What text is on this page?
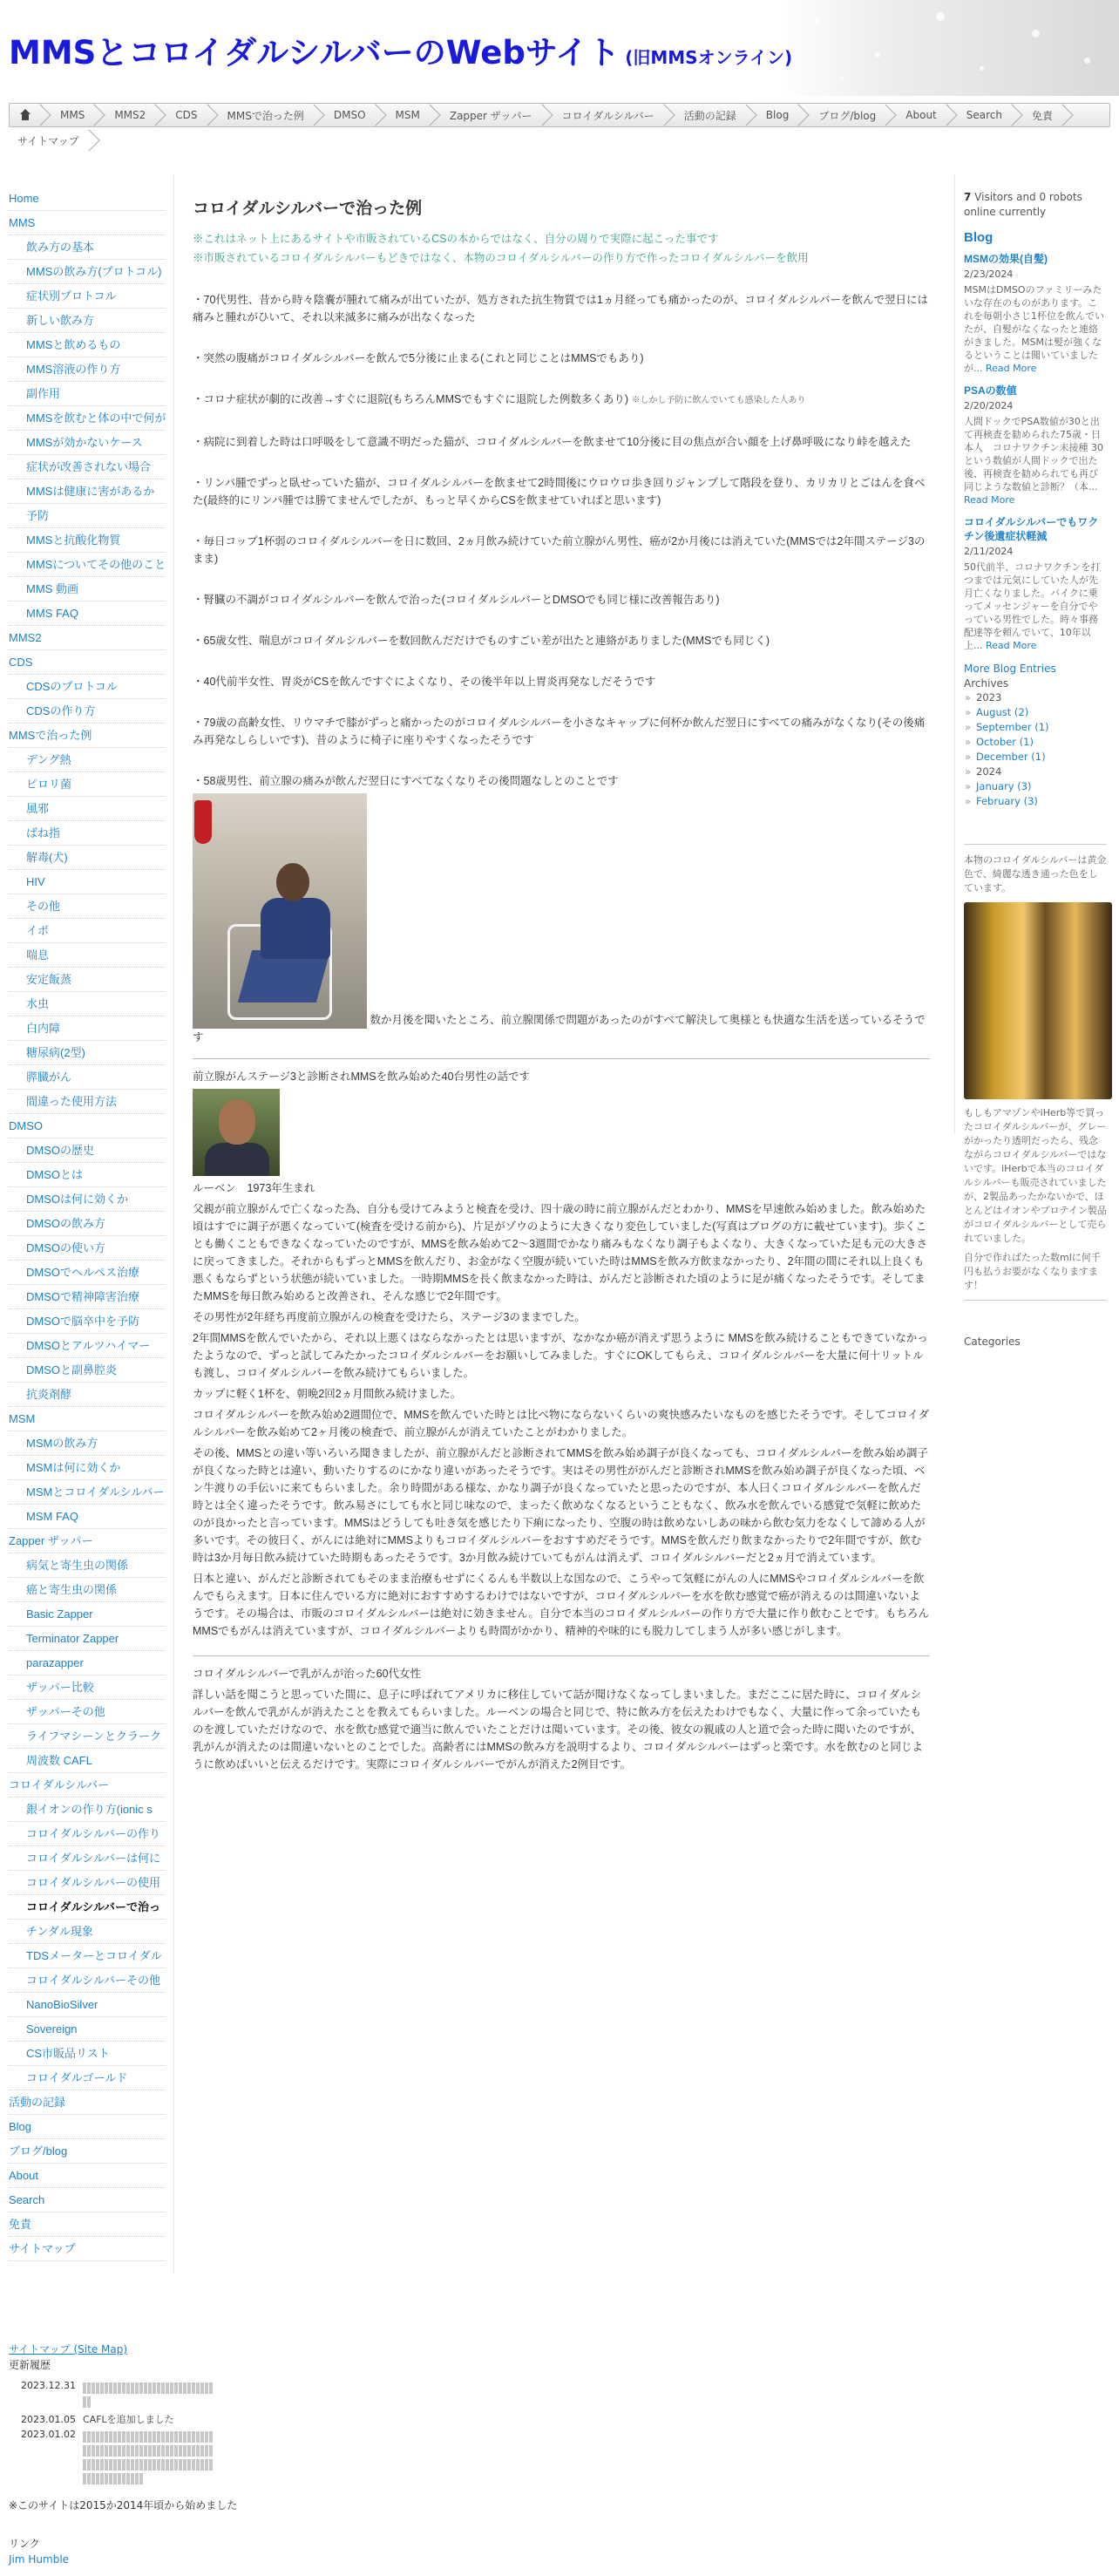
MMSとコロイダルシルバーのWebサイト (旧MMSオンライン)
MMS	MMS2	CDS	MMSで治った例	DMSO	MSM	Zapper ザッパー	コロイダルシルバー	活動の記録	Blog	ブログ/blog	About	Search	免責
サイトマップ
Home
MMS
飲み方の基本
MMSの飲み方(プロトコル)
症状別プロトコル
新しい飲み方
MMSと飲めるもの
MMS溶液の作り方
副作用
MMSを飲むと体の中で何が
MMSが効かないケース
症状が改善されない場合
MMSは健康に害があるか
予防
MMSと抗酸化物質
MMSについてその他のこと
MMS 動画
MMS FAQ
MMS2
CDS
CDSのプロトコル
CDSの作り方
MMSで治った例
デング熱
ピロリ菌
風邪
ばね指
解毒(犬)
HIV
その他
イボ
喘息
安定飯蒸
水虫
白内障
糖尿病(2型)
膵臓がん
間違った使用方法
DMSO
DMSOの歴史
DMSOとは
DMSOは何に効くか
DMSOの飲み方
DMSOの使い方
DMSOでヘルペス治療
DMSOで精神障害治療
DMSOで脳卒中を予防
DMSOとアルツハイマー
DMSOと副鼻腔炎
抗炎剤酵
MSM
MSMの飲み方
MSMは何に効くか
MSMとコロイダルシルバー
MSM FAQ
Zapper ザッパー
病気と寄生虫の関係
癌と寄生虫の関係
Basic Zapper
Terminator Zapper
parazapper
ザッパー比較
ザッパーその他
ライフマシーンとクラーク
周波数 CAFL
コロイダルシルバー
銀イオンの作り方(ionic s
コロイダルシルバーの作り
コロイダルシルバーは何に
コロイダルシルバーの使用
コロイダルシルバーで治っ
チンダル現象
TDSメーターとコロイダル
コロイダルシルバーその他
NanoBioSilver
Sovereign
CS市販品リスト
コロイダルゴールド
活動の記録
Blog
ブログ/blog
About
Search
免責
サイトマップ
コロイダルシルバーで治った例
※これはネット上にあるサイトや市販されているCSの本からではなく、自分の周りで実際に起こった事です
※市販されているコロイダルシルバーもどきではなく、本物のコロイダルシルバーの作り方で作ったコロイダルシルバーを飲用
・70代男性、昔から時々陰嚢が腫れて痛みが出ていたが、処方された抗生物質では1ヵ月経っても痛かったのが、コロイダルシルバーを飲んで翌日には痛みと腫れがひいて、それ以来滅多に痛みが出なくなった
・突然の腹痛がコロイダルシルバーを飲んで5分後に止まる(これと同じことはMMSでもあり)
・コロナ症状が劇的に改善→すぐに退院(もちろんMMSでもすぐに退院した例数多くあり) ※しかし予防に飲んでいても感染した人あり
・病院に到着した時は口呼吸をして意識不明だった猫が、コロイダルシルバーを飲ませて10分後に目の焦点が合い顔を上げ鼻呼吸になり峠を越えた
・リンパ腫でずっと臥せっていた猫が、コロイダルシルバーを飲ませて2時間後にウロウロ歩き回りジャンプして階段を登り、カリカリとごはんを食べた(最終的にリンパ腫では勝てませんでしたが、もっと早くからCSを飲ませていればと思います)
・毎日コップ1杯弱のコロイダルシルバーを日に数回、2ヵ月飲み続けていた前立腺がん男性、癌が2か月後には消えていた(MMSでは2年間ステージ3のまま)
・腎臓の不調がコロイダルシルバーを飲んで治った(コロイダルシルバーとDMSOでも同じ様に改善報告あり)
・65歳女性、喘息がコロイダルシルバーを数回飲んだだけでものすごい差が出たと連絡がありました(MMSでも同じく)
・40代前半女性、胃炎がCSを飲んですぐによくなり、その後半年以上胃炎再発なしだそうです
・79歳の高齢女性、リウマチで膝がずっと痛かったのがコロイダルシルバーを小さなキャップに何杯か飲んだ翌日にすべての痛みがなくなり(その後痛み再発なしらしいです)、昔のように椅子に座りやすくなったそうです
・58歳男性、前立腺の痛みが飲んだ翌日にすべてなくなりその後問題なしとのことです
数か月後を聞いたところ、前立腺関係で問題があったのがすべて解決して奥様とも快適な生活を送っているそうです
前立腺がんステージ3と診断されMMSを飲み始めた40台男性の話です
ルーベン　1973年生まれ
父親が前立腺がんで亡くなった為、自分も受けてみようと検査を受け、四十歳の時に前立腺がんだとわかり、MMSを早速飲み始めました。飲み始めた頃はすでに調子が悪くなっていて(検査を受ける前から)、片足がゾウのように大きくなり変色していました(写真はブログの方に載せています)。歩くことも働くこともできなくなっていたのですが、MMSを飲み始めて2〜3週間でかなり痛みもなくなり調子もよくなり、大きくなっていた足も元の大きさに戻ってきました。それからもずっとMMSを飲んだり、お金がなく空腹が続いていた時はMMSを飲み方飲まなかったり、2年間の間にそれ以上良くも悪くもならずという状態が続いていました。一時期MMSを長く飲まなかった時は、がんだと診断された頃のように足が痛くなったそうです。そしてまたMMSを毎日飲み始めると改善され、そんな感じで2年間です。
その男性が2年経ち再度前立腺がんの検査を受けたら、ステージ3のままでした。
2年間MMSを飲んでいたから、それ以上悪くはならなかったとは思いますが、なかなか癌が消えず思うように MMSを飲み続けることもできていなかったようなので、ずっと試してみたかったコロイダルシルバーをお願いしてみました。すぐにOKしてもらえ、コロイダルシルバーを大量に何十リットルも渡し、コロイダルシルバーを飲み続けてもらいました。
カップに軽く1杯を、朝晩2回2ヵ月間飲み続けました。
コロイダルシルバーを飲み始め2週間位で、MMSを飲んでいた時とは比べ物にならないくらいの爽快感みたいなものを感じたそうです。そしてコロイダルシルバーを飲み始めて2ヶ月後の検査で、前立腺がんが消えていたことがわかりました。
その後、MMSとの違い等いろいろ聞きましたが、前立腺がんだと診断されてMMSを飲み始め調子が良くなっても、コロイダルシルバーを飲み始め調子が良くなった時とは違い、動いたりするのにかなり違いがあったそうです。実はその男性ががんだと診断されMMSを飲み始め調子が良くなった頃、ベン牛渡りの手伝いに来てもらいました。余り時間がある様な、かなり調子が良くなっていたと思ったのですが、本人曰くコロイダルシルバーを飲んだ時とは全く違ったそうです。飲み易さにしても水と同じ味なので、まったく飲めなくなるということもなく、飲み水を飲んでいる感覚で気軽に飲めたのが良かったと言っています。MMSはどうしても吐き気を感じたり下痢になったり、空腹の時は飲めないしあの味から飲む気力をなくして諦める人が多いです。その彼曰く、がんには絶対にMMSよりもコロイダルシルバーをおすすめだそうです。MMSを飲んだり飲まなかったりで2年間ですが、飲む時は3か月毎日飲み続けていた時期もあったそうです。3か月飲み続けていてもがんは消えず、コロイダルシルバーだと2ヵ月で消えています。
日本と違い、がんだと診断されてもそのまま治療もせずにくるんも半数以上な国なので、こうやって気軽にがんの人にMMSやコロイダルシルバーを飲んでもらえます。日本に住んでいる方に絶対におすすめするわけではないですが、コロイダルシルバーを水を飲む感覚で癌が消えるのは間違いないようです。その場合は、市販のコロイダルシルバーは絶対に効きません。自分で本当のコロイダルシルバーの作り方で大量に作り飲むことです。もちろんMMSでもがんは消えていますが、コロイダルシルバーよりも時間がかかり、精神的や味的にも脱力してしまう人が多い感じがします。
コロイダルシルバーで乳がんが治った60代女性
詳しい話を聞こうと思っていた間に、息子に呼ばれてアメリカに移住していて話が聞けなくなってしまいました。まだここに居た時に、コロイダルシルバーを飲んで乳がんが消えたことを教えてもらいました。ルーベンの場合と同じで、特に飲み方を伝えたわけでもなく、大量に作って余っていたものを渡していただけなので、水を飲む感覚で適当に飲んでいたことだけは聞いています。その後、彼女の親戚の人と道で会った時に聞いたのですが、乳がんが消えたのは間違いないとのことでした。高齢者にはMMSの飲み方を説明するより、コロイダルシルバーはずっと楽です。水を飲むのと同じように飲めばいいと伝えるだけです。実際にコロイダルシルバーでがんが消えた2例目です。
7 Visitors and 0 robots online currently
Blog
MSMの効果(自髪)
2/23/2024
MSMはDMSOのファミリーみたいな存在のものがあります。これを毎朝小さじ1杯位を飲んでいたが、自髪がなくなったと連絡がきました。MSMは髪が強くなるということは聞いていましたが... Read More
PSAの数値
2/20/2024
人間ドックでPSA数値が30と出て再検査を勧められた75歳・日本人　コロナワクチン未接種 30という数値が人間ドックで出た後、再検査を勧められても再び同じような数値と診断？（本... Read More
コロイダルシルバーでもワクチン後遺症状軽減
2/11/2024
50代前半、コロナワクチンを打つまでは元気にしていた人が先月亡くなりました。バイクに乗ってメッセンジャーを自分でやっている男性でした。時々事務配達等を頼んでいて、10年以上... Read More
More Blog Entries
Archives
» 2023
» August (2)
» September (1)
» October (1)
» December (1)
» 2024
» January (3)
» February (3)
本物のコロイダルシルバーは黄金色で、綺麗な透き通った色をしています。
もしもアマゾンやiHerb等で買ったコロイダルシルバーが、グレーがかったり透明だったら、残念ながらコロイダルシルバーではないです。iHerbで本当のコロイダルシルバーも販売されていましたが、2製品あったかないかで、ほとんどはイオンやプロテイン製品がコロイダルシルバーとして売られていました。
自分で作ればたった数mlに何千円も払うお要がなくなりますます！
Categories
サイトマップ (Site Map)
更新履歴
2023.12.31	

2023.01.05	CAFLを追加しました
2023.01.02	
※このサイトは2015か2014年頃から始めました
リンク
Jim Humble
